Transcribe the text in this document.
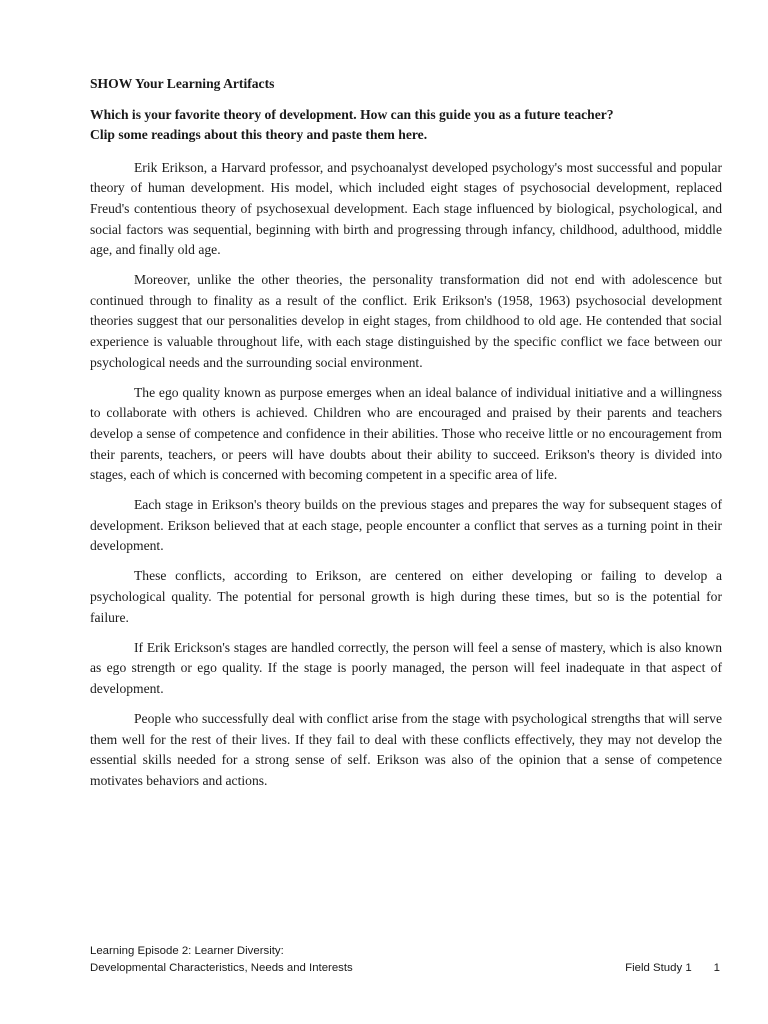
SHOW Your Learning Artifacts
Which is your favorite theory of development. How can this guide you as a future teacher?
Clip some readings about this theory and paste them here.

Erik Erikson, a Harvard professor, and psychoanalyst developed psychology's most successful and popular theory of human development. His model, which included eight stages of psychosocial development, replaced Freud's contentious theory of psychosexual development. Each stage influenced by biological, psychological, and social factors was sequential, beginning with birth and progressing through infancy, childhood, adulthood, middle age, and finally old age.

Moreover, unlike the other theories, the personality transformation did not end with adolescence but continued through to finality as a result of the conflict. Erik Erikson's (1958, 1963) psychosocial development theories suggest that our personalities develop in eight stages, from childhood to old age. He contended that social experience is valuable throughout life, with each stage distinguished by the specific conflict we face between our psychological needs and the surrounding social environment.

The ego quality known as purpose emerges when an ideal balance of individual initiative and a willingness to collaborate with others is achieved. Children who are encouraged and praised by their parents and teachers develop a sense of competence and confidence in their abilities. Those who receive little or no encouragement from their parents, teachers, or peers will have doubts about their ability to succeed. Erikson's theory is divided into stages, each of which is concerned with becoming competent in a specific area of life.

Each stage in Erikson's theory builds on the previous stages and prepares the way for subsequent stages of development. Erikson believed that at each stage, people encounter a conflict that serves as a turning point in their development.

These conflicts, according to Erikson, are centered on either developing or failing to develop a psychological quality. The potential for personal growth is high during these times, but so is the potential for failure.

If Erik Erickson's stages are handled correctly, the person will feel a sense of mastery, which is also known as ego strength or ego quality. If the stage is poorly managed, the person will feel inadequate in that aspect of development.

People who successfully deal with conflict arise from the stage with psychological strengths that will serve them well for the rest of their lives. If they fail to deal with these conflicts effectively, they may not develop the essential skills needed for a strong sense of self. Erikson was also of the opinion that a sense of competence motivates behaviors and actions.

Learning Episode 2: Learner Diversity:
Developmental Characteristics, Needs and Interests	Field Study 1 1
